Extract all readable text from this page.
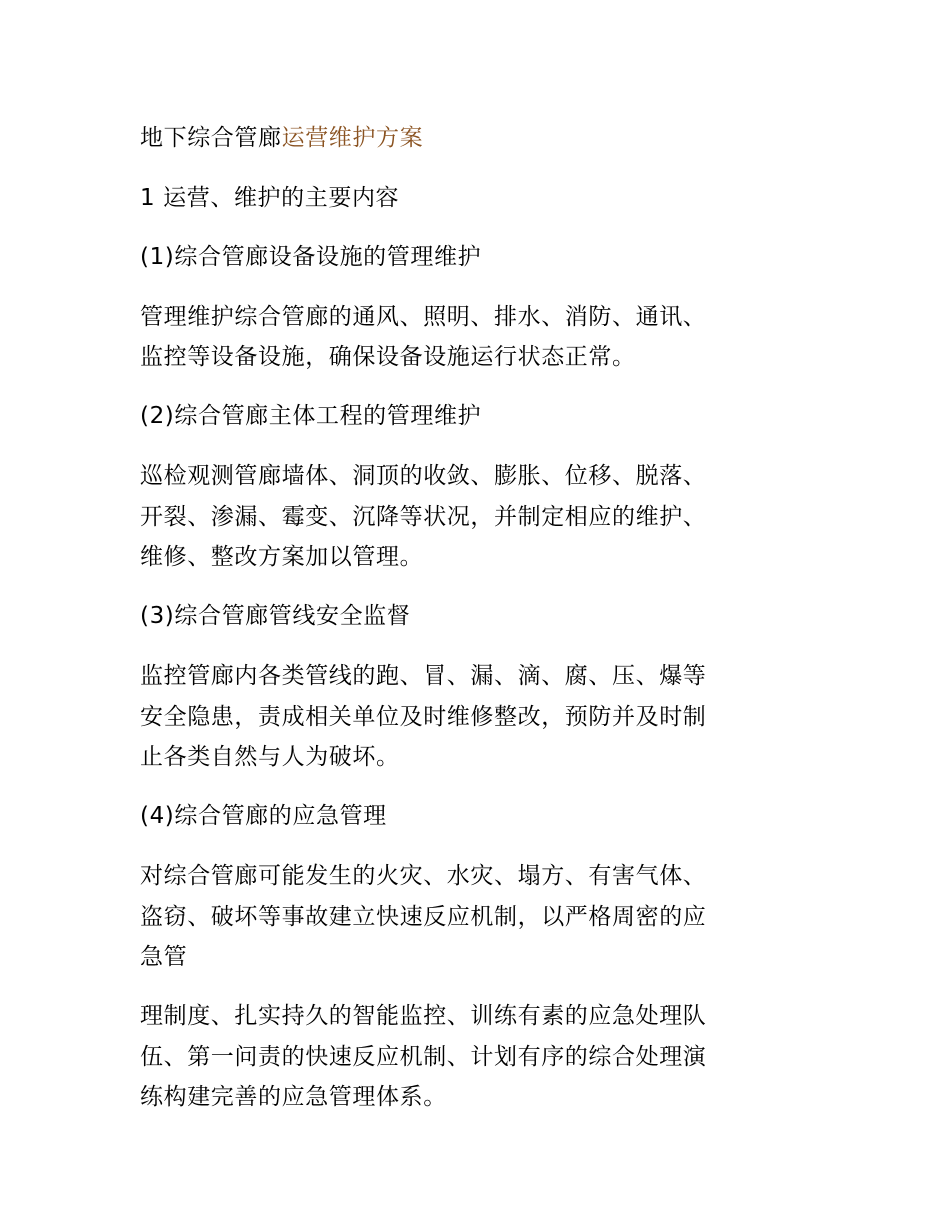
地下综合管廊运营维护方案
1 运营、维护的主要内容
(1)综合管廊设备设施的管理维护
管理维护综合管廊的通风、照明、排水、消防、通讯、
监控等设备设施，确保设备设施运行状态正常。
(2)综合管廊主体工程的管理维护
巡检观测管廊墙体、洞顶的收敛、膨胀、位移、脱落、
开裂、渗漏、霉变、沉降等状况，并制定相应的维护、
维修、整改方案加以管理。
(3)综合管廊管线安全监督
监控管廊内各类管线的跑、冒、漏、滴、腐、压、爆等
安全隐患，责成相关单位及时维修整改，预防并及时制
止各类自然与人为破坏。
(4)综合管廊的应急管理
对综合管廊可能发生的火灾、水灾、塌方、有害气体、
盗窃、破坏等事故建立快速反应机制，以严格周密的应
急管
理制度、扎实持久的智能监控、训练有素的应急处理队
伍、第一问责的快速反应机制、计划有序的综合处理演
练构建完善的应急管理体系。
